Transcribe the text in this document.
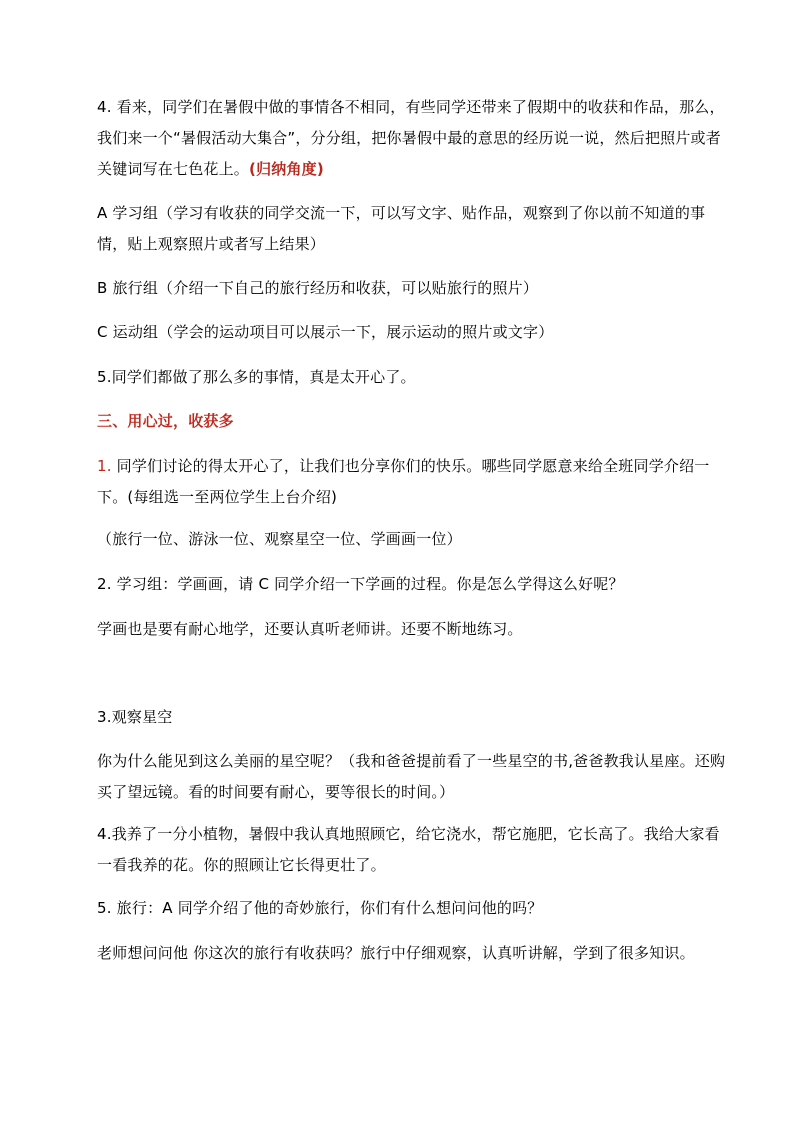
4. 看来，同学们在暑假中做的事情各不相同，有些同学还带来了假期中的收获和作品，那么，我们来一个“暑假活动大集合”，分分组，把你暑假中最的意思的经历说一说，然后把照片或者关键词写在七色花上。(归纳角度)

A 学习组（学习有收获的同学交流一下，可以写文字、贴作品，观察到了你以前不知道的事情，贴上观察照片或者写上结果）

B 旅行组（介绍一下自己的旅行经历和收获，可以贴旅行的照片）

C 运动组（学会的运动项目可以展示一下，展示运动的照片或文字）

5.同学们都做了那么多的事情，真是太开心了。

三、用心过，收获多

1. 同学们讨论的得太开心了，让我们也分享你们的快乐。哪些同学愿意来给全班同学介绍一下。(每组选一至两位学生上台介绍)

（旅行一位、游泳一位、观察星空一位、学画画一位）

2. 学习组：学画画，请 C 同学介绍一下学画的过程。你是怎么学得这么好呢？

学画也是要有耐心地学，还要认真听老师讲。还要不断地练习。

3.观察星空

你为什么能见到这么美丽的星空呢？（我和爸爸提前看了一些星空的书,爸爸教我认星座。还购买了望远镜。看的时间要有耐心，要等很长的时间。）

4.我养了一分小植物，暑假中我认真地照顾它，给它浇水，帮它施肥，它长高了。我给大家看一看我养的花。你的照顾让它长得更壮了。

5. 旅行：A 同学介绍了他的奇妙旅行，你们有什么想问问他的吗？

老师想问问他 你这次的旅行有收获吗？旅行中仔细观察，认真听讲解，学到了很多知识。
